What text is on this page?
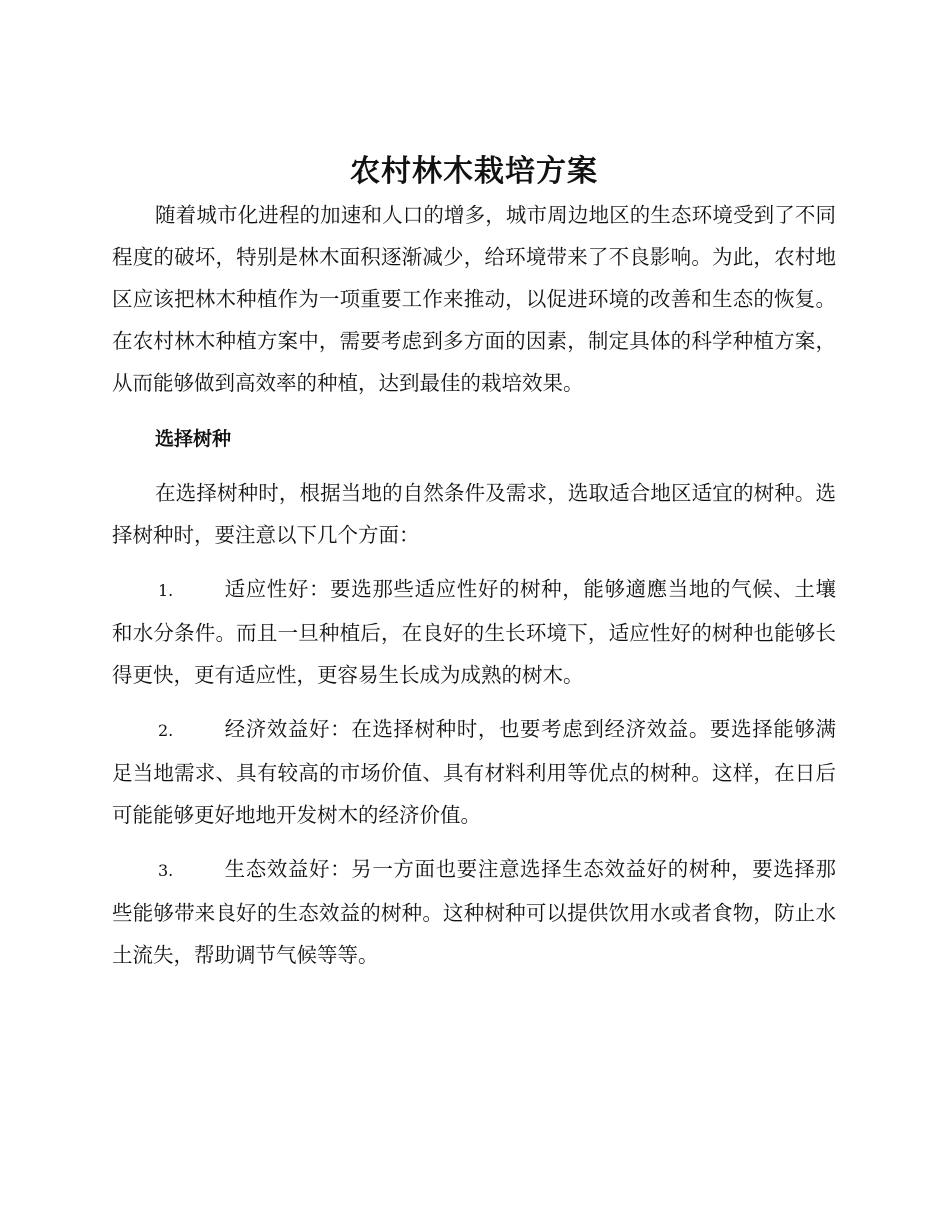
农村林木栽培方案

随着城市化进程的加速和人口的增多，城市周边地区的生态环境受到了不同程度的破坏，特别是林木面积逐渐减少，给环境带来了不良影响。为此，农村地区应该把林木种植作为一项重要工作来推动，以促进环境的改善和生态的恢复。在农村林木种植方案中，需要考虑到多方面的因素，制定具体的科学种植方案，从而能够做到高效率的种植，达到最佳的栽培效果。

选择树种

在选择树种时，根据当地的自然条件及需求，选取适合地区适宜的树种。选择树种时，要注意以下几个方面：

1. 适应性好：要选那些适应性好的树种，能够適應当地的气候、土壤和水分条件。而且一旦种植后，在良好的生长环境下，适应性好的树种也能够长得更快，更有适应性，更容易生长成为成熟的树木。

2. 经济效益好：在选择树种时，也要考虑到经济效益。要选择能够满足当地需求、具有较高的市场价值、具有材料利用等优点的树种。这样，在日后可能能够更好地地开发树木的经济价值。

3. 生态效益好：另一方面也要注意选择生态效益好的树种，要选择那些能够带来良好的生态效益的树种。这种树种可以提供饮用水或者食物，防止水土流失，帮助调节气候等等。
